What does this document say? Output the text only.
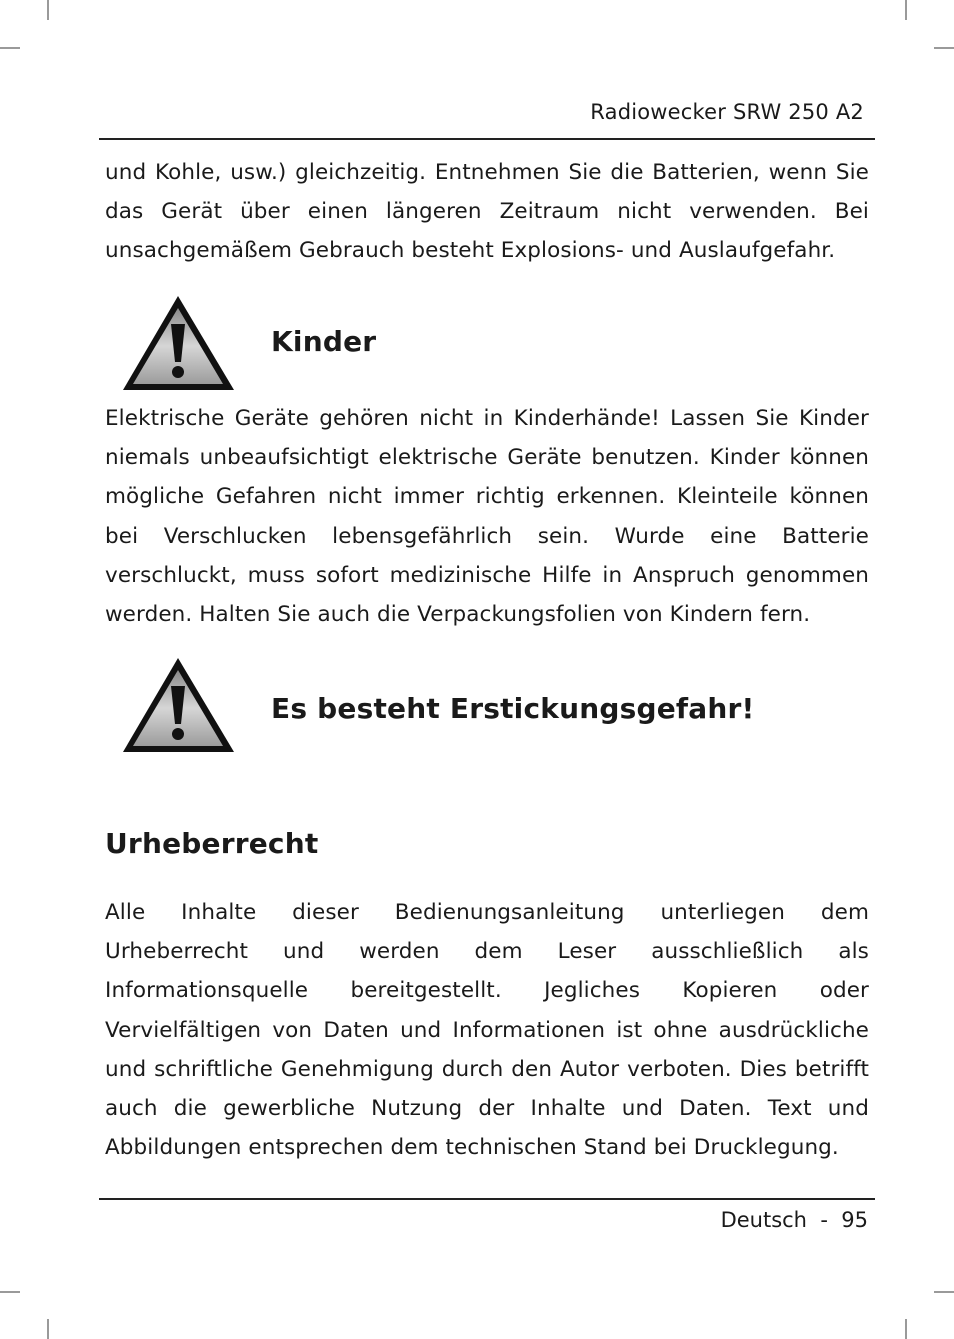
Radiowecker SRW 250 A2
und Kohle, usw.) gleichzeitig. Entnehmen Sie die Batterien, wenn Sie das Gerät über einen längeren Zeitraum nicht verwenden. Bei unsachgemäßem Gebrauch besteht Explosions- und Auslaufgefahr.
Kinder
Elektrische Geräte gehören nicht in Kinderhände! Lassen Sie Kinder niemals unbeaufsichtigt elektrische Geräte benutzen. Kinder können mögliche Gefahren nicht immer richtig erkennen. Kleinteile können bei Verschlucken lebensgefährlich sein. Wurde eine Batterie verschluckt, muss sofort medizinische Hilfe in Anspruch genommen werden. Halten Sie auch die Verpackungsfolien von Kindern fern.
Es besteht Erstickungsgefahr!
Urheberrecht
Alle Inhalte dieser Bedienungsanleitung unterliegen dem Urheberrecht und werden dem Leser ausschließlich als Informationsquelle bereitgestellt. Jegliches Kopieren oder Vervielfältigen von Daten und Informationen ist ohne ausdrückliche und schriftliche Genehmigung durch den Autor verboten. Dies betrifft auch die gewerbliche Nutzung der Inhalte und Daten. Text und Abbildungen entsprechen dem technischen Stand bei Drucklegung.
Deutsch  -  95
